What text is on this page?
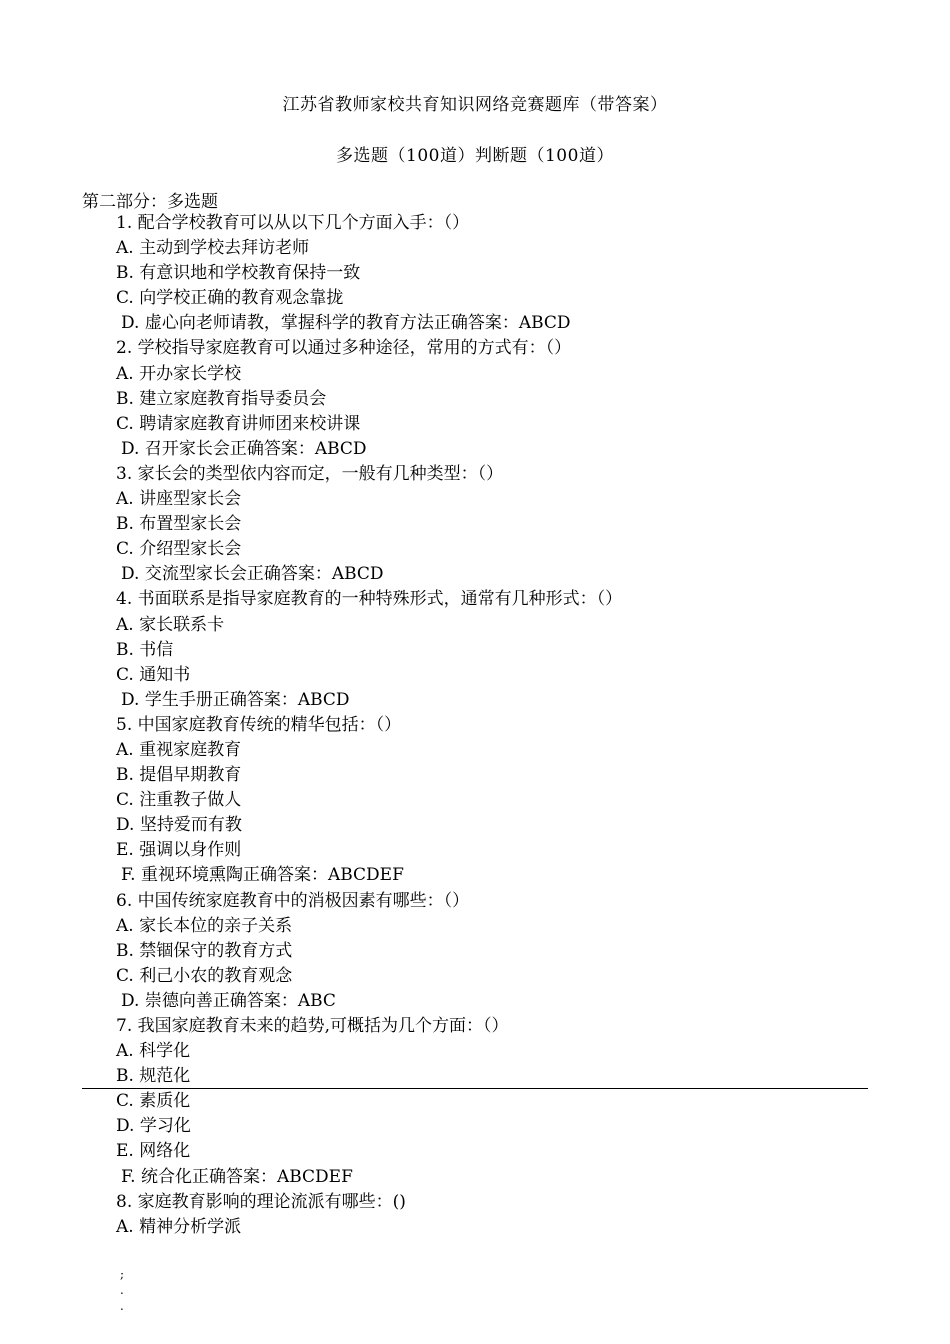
江苏省教师家校共育知识网络竞赛题库（带答案）
多选题（100道）判断题（100道）
第二部分：多选题
1. 配合学校教育可以从以下几个方面入手：（）
A. 主动到学校去拜访老师
B. 有意识地和学校教育保持一致
C. 向学校正确的教育观念靠拢
D. 虚心向老师请教，掌握科学的教育方法正确答案：ABCD
2. 学校指导家庭教育可以通过多种途径，常用的方式有：（）
A. 开办家长学校
B. 建立家庭教育指导委员会
C. 聘请家庭教育讲师团来校讲课
D. 召开家长会正确答案：ABCD
3. 家长会的类型依内容而定，一般有几种类型：（）
A. 讲座型家长会
B. 布置型家长会
C. 介绍型家长会
D. 交流型家长会正确答案：ABCD
4. 书面联系是指导家庭教育的一种特殊形式，通常有几种形式：（）
A. 家长联系卡
B. 书信
C. 通知书
D. 学生手册正确答案：ABCD
5. 中国家庭教育传统的精华包括：（）
A. 重视家庭教育
B. 提倡早期教育
C. 注重教子做人
D. 坚持爱而有教
E. 强调以身作则
F. 重视环境熏陶正确答案：ABCDEF
6. 中国传统家庭教育中的消极因素有哪些：（）
A. 家长本位的亲子关系
B. 禁锢保守的教育方式
C. 利己小农的教育观念
D. 崇德向善正确答案：ABC
7. 我国家庭教育未来的趋势,可概括为几个方面：（）
A. 科学化
B. 规范化
C. 素质化
D. 学习化
E. 网络化
F. 统合化正确答案：ABCDEF
8. 家庭教育影响的理论流派有哪些：()
A. 精神分析学派
;
.
.
